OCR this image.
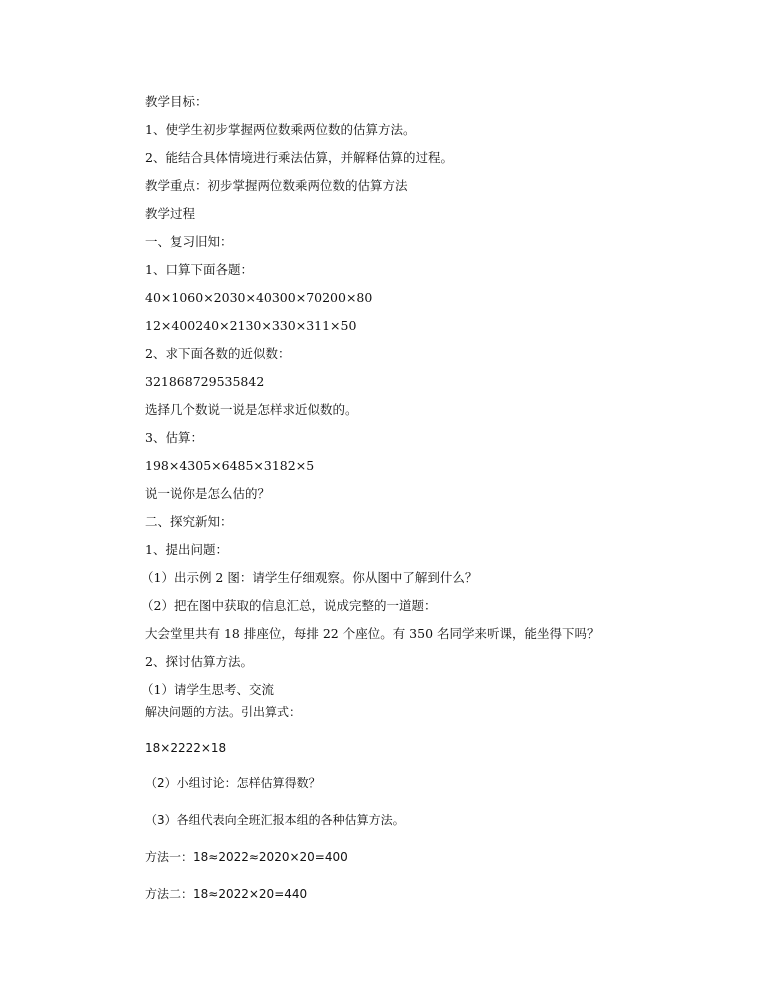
教学目标：
1、使学生初步掌握两位数乘两位数的估算方法。
2、能结合具体情境进行乘法估算，并解释估算的过程。
教学重点：初步掌握两位数乘两位数的估算方法
教学过程
一、复习旧知：
1、口算下面各题：
40×1060×2030×40300×70200×80
12×400240×2130×330×311×50
2、求下面各数的近似数：
321868729535842
选择几个数说一说是怎样求近似数的。
3、估算：
198×4305×6485×3182×5
说一说你是怎么估的？
二、探究新知：
1、提出问题：
（1）出示例 2 图：请学生仔细观察。你从图中了解到什么？
（2）把在图中获取的信息汇总，说成完整的一道题：
大会堂里共有 18 排座位，每排 22 个座位。有 350 名同学来听课，能坐得下吗？
2、探讨估算方法。
（1）请学生思考、交流
解决问题的方法。引出算式：
18×2222×18
（2）小组讨论：怎样估算得数？
（3）各组代表向全班汇报本组的各种估算方法。
方法一：18≈2022≈2020×20=400
方法二：18≈2022×20=440
